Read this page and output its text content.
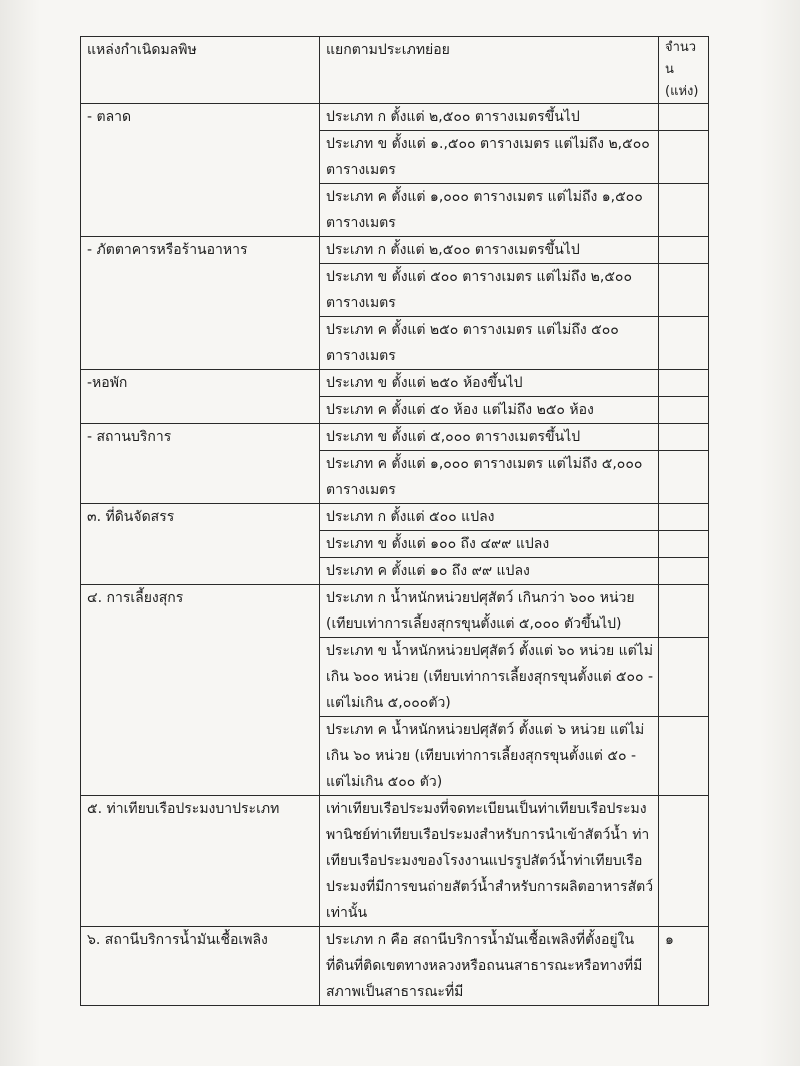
แหล่งกำเนิดมลพิษ	แยกตามประเภทย่อย	จำนวน (แห่ง)
- ตลาด	ประเภท ก ตั้งแต่ ๒,๕๐๐ ตารางเมตรขึ้นไป	
	ประเภท ข ตั้งแต่ ๑.,๕๐๐ ตารางเมตร แต่ไม่ถึง ๒,๕๐๐ ตารางเมตร	
	ประเภท ค ตั้งแต่ ๑,๐๐๐ ตารางเมตร แต่ไม่ถึง ๑,๕๐๐ ตารางเมตร	
- ภัตตาคารหรือร้านอาหาร	ประเภท ก ตั้งแต่ ๒,๕๐๐ ตารางเมตรขึ้นไป	
	ประเภท ข ตั้งแต่ ๕๐๐ ตารางเมตร แต่ไม่ถึง ๒,๕๐๐ ตารางเมตร	
	ประเภท ค ตั้งแต่ ๒๕๐ ตารางเมตร แต่ไม่ถึง ๕๐๐ ตารางเมตร	
-หอพัก	ประเภท ข ตั้งแต่ ๒๕๐ ห้องขึ้นไป	
	ประเภท ค ตั้งแต่ ๕๐ ห้อง แต่ไม่ถึง ๒๕๐ ห้อง	
- สถานบริการ	ประเภท ข ตั้งแต่ ๕,๐๐๐ ตารางเมตรขึ้นไป	
	ประเภท ค ตั้งแต่ ๑,๐๐๐ ตารางเมตร แต่ไม่ถึง ๕,๐๐๐ ตารางเมตร	
๓. ที่ดินจัดสรร	ประเภท ก ตั้งแต่ ๕๐๐ แปลง	
	ประเภท ข ตั้งแต่ ๑๐๐ ถึง ๔๙๙ แปลง	
	ประเภท ค ตั้งแต่ ๑๐ ถึง ๙๙ แปลง	
๔. การเลี้ยงสุกร	ประเภท ก น้ำหนักหน่วยปศุสัตว์ เกินกว่า ๖๐๐ หน่วย (เทียบเท่าการเลี้ยงสุกรขุนตั้งแต่ ๕,๐๐๐ ตัวขึ้นไป)	
	ประเภท ข น้ำหนักหน่วยปศุสัตว์ ตั้งแต่ ๖๐ หน่วย แต่ไม่เกิน ๖๐๐ หน่วย (เทียบเท่าการเลี้ยงสุกรขุนตั้งแต่ ๕๐๐ - แต่ไม่เกิน ๕,๐๐๐ตัว)	
	ประเภท ค น้ำหนักหน่วยปศุสัตว์ ตั้งแต่ ๖ หน่วย แต่ไม่เกิน ๖๐ หน่วย (เทียบเท่าการเลี้ยงสุกรขุนตั้งแต่ ๕๐ - แต่ไม่เกิน ๕๐๐ ตัว)	
๕. ท่าเทียบเรือประมงบาประเภท	เท่าเทียบเรือประมงที่จดทะเบียนเป็นท่าเทียบเรือประมงพานิชย์ท่าเทียบเรือประมงสำหรับการนำเข้าสัตว์น้ำ ท่าเทียบเรือประมงของโรงงานแปรรูปสัตว์น้ำท่าเทียบเรือประมงที่มีการขนถ่ายสัตว์น้ำสำหรับการผลิตอาหารสัตว์เท่านั้น	
๖. สถานีบริการน้ำมันเชื้อเพลิง	ประเภท ก คือ สถานีบริการน้ำมันเชื้อเพลิงที่ตั้งอยู่ในที่ดินที่ติดเขตทางหลวงหรือถนนสาธารณะหรือทางที่มีสภาพเป็นสาธารณะที่มี	๑
